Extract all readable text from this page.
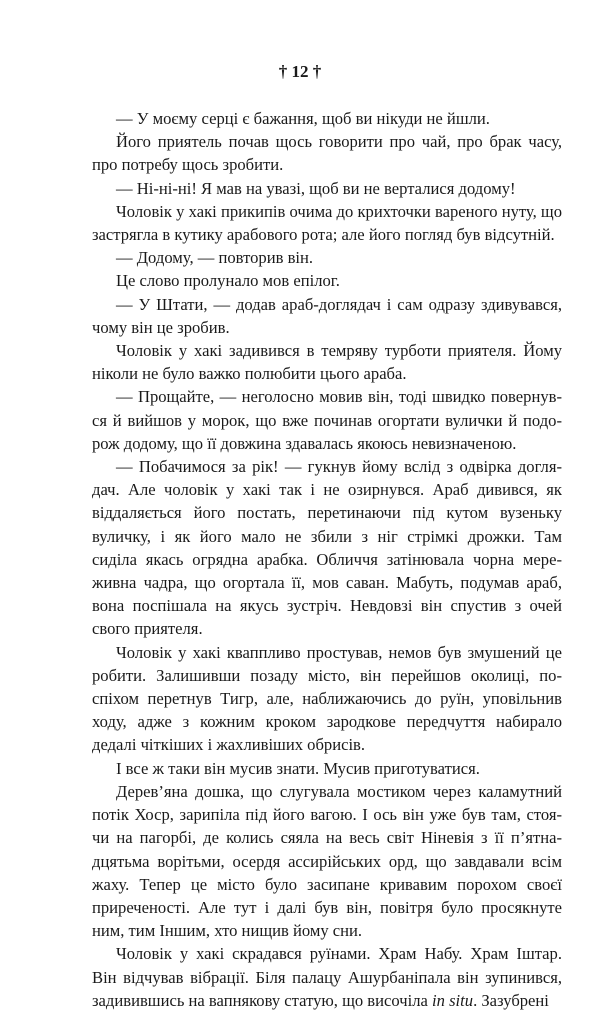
† 12 †
— У моєму серці є бажання, щоб ви нікуди не йшли.
Його приятель почав щось говорити про чай, про брак часу,
про потребу щось зробити.
— Ні-ні-ні! Я мав на увазі, щоб ви не верталися додому!
Чоловік у хакі прикипів очима до крихточки вареного нуту, що
застрягла в кутику арабового рота; але його погляд був відсутній.
— Додому, — повторив він.
Це слово пролунало мов епілог.
— У Штати, — додав араб-доглядач і сам одразу здивувався,
чому він це зробив.
Чоловік у хакі задивився в темряву турботи приятеля. Йому
ніколи не було важко полюбити цього араба.
— Прощайте, — неголосно мовив він, тоді швидко повернув-
ся й вийшов у морок, що вже починав огортати вулички й подо-
рож додому, що її довжина здавалась якоюсь невизначеною.
— Побачимося за рік! — гукнув йому вслід з одвірка догля-
дач. Але чоловік у хакі так і не озирнувся. Араб дивився, як
віддаляється його постать, перетинаючи під кутом вузеньку
вуличку, і як його мало не збили з ніг стрімкі дрожки. Там
сиділа якась огрядна арабка. Обличчя затінювала чорна мере-
живна чадра, що огортала її, мов саван. Мабуть, подумав араб,
вона поспішала на якусь зустріч. Невдовзі він спустив з очей
свого приятеля.
Чоловік у хакі кваппливо простував, немов був змушений це
робити. Залишивши позаду місто, він перейшов околиці, по-
спіхом перетнув Тигр, але, наближаючись до руїн, уповільнив
ходу, адже з кожним кроком зародкове передчуття набирало
дедалі чіткіших і жахливіших обрисів.
І все ж таки він мусив знати. Мусив приготуватися.
Дерев’яна дошка, що слугувала мостиком через каламутний
потік Хоср, зарипіла під його вагою. І ось він уже був там, стоя-
чи на пагорбі, де колись сяяла на весь світ Ніневія з її п’ятна-
дцятьма ворітьми, осердя ассирійських орд, що завдавали всім
жаху. Тепер це місто було засипане кривавим порохом своєї
приреченості. Але тут і далі був він, повітря було просякнуте
ним, тим Іншим, хто нищив йому сни.
Чоловік у хакі скрадався руїнами. Храм Набу. Храм Іштар.
Він відчував вібрації. Біля палацу Ашурбаніпала він зупинився,
задивившись на вапнякову статую, що височіла in situ. Зазубрені
